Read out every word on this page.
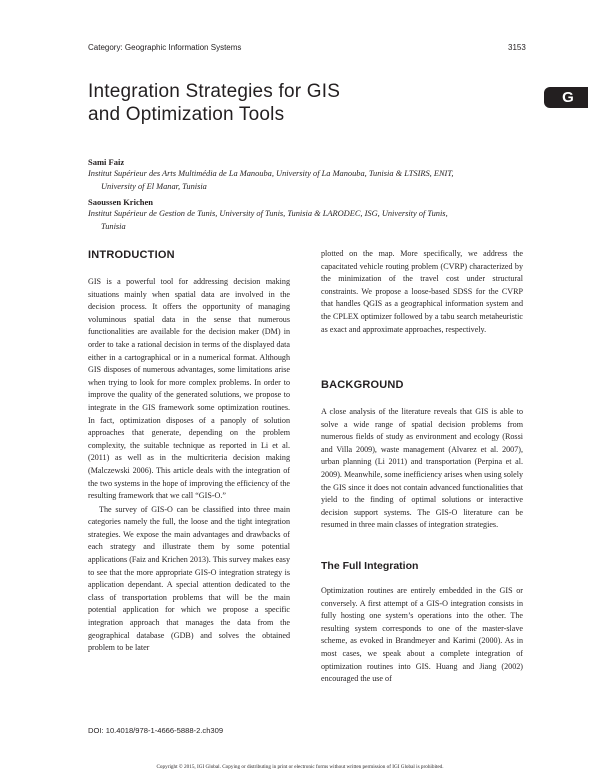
Category: Geographic Information Systems	3153
Integration Strategies for GIS
and Optimization Tools
G
Sami Faiz
Institut Supérieur des Arts Multimédia de La Manouba, University of La Manouba, Tunisia & LTSIRS, ENIT,
University of El Manar, Tunisia
Saoussen Krichen
Institut Supérieur de Gestion de Tunis, University of Tunis, Tunisia & LARODEC, ISG, University of Tunis,
Tunisia
INTRODUCTION

GIS is a powerful tool for addressing decision making situations mainly when spatial data are involved in the decision process. It offers the opportunity of managing voluminous spatial data in the sense that numerous functionalities are available for the decision maker (DM) in order to take a rational decision in terms of the displayed data either in a cartographical or in a numerical format. Although GIS disposes of numerous advantages, some limitations arise when trying to look for more complex problems. In order to improve the quality of the generated solutions, we propose to integrate in the GIS framework some optimization routines. In fact, optimization disposes of a panoply of solution approaches that generate, depending on the problem complexity, the suitable technique as reported in Li et al. (2011) as well as in the multicriteria decision making (Malczewski 2006). This article deals with the integration of the two systems in the hope of improving the efficiency of the resulting framework that we call “GIS-O.”

The survey of GIS-O can be classified into three main categories namely the full, the loose and the tight integration strategies. We expose the main advantages and drawbacks of each strategy and illustrate them by some potential applications (Faiz and Krichen 2013). This survey makes easy to see that the more appropriate GIS-O integration strategy is application dependant. A special attention dedicated to the class of transportation problems that will be the main potential application for which we propose a specific integration approach that manages the data from the geographical database (GDB) and solves the obtained problem to be later

plotted on the map. More specifically, we address the capacitated vehicle routing problem (CVRP) characterized by the minimization of the travel cost under structural constraints. We propose a loose-based SDSS for the CVRP that handles QGIS as a geographical information system and the CPLEX optimizer followed by a tabu search metaheuristic as exact and approximate approaches, respectively.

BACKGROUND

A close analysis of the literature reveals that GIS is able to solve a wide range of spatial decision problems from numerous fields of study as environment and ecology (Rossi and Villa 2009), waste management (Alvarez et al. 2007), urban planning (Li 2011) and transportation (Perpina et al. 2009). Meanwhile, some inefficiency arises when using solely the GIS since it does not contain advanced functionalities that yield to the finding of optimal solutions or interactive decision support systems. The GIS-O literature can be resumed in three main classes of integration strategies.

The Full Integration

Optimization routines are entirely embedded in the GIS or conversely. A first attempt of a GIS-O integration consists in fully hosting one system’s operations into the other. The resulting system corresponds to one of the master-slave scheme, as evoked in Brandmeyer and Karimi (2000). As in most cases, we speak about a complete integration of optimization routines into GIS. Huang and Jiang (2002) encouraged the use of

DOI: 10.4018/978-1-4666-5888-2.ch309
Copyright © 2015, IGI Global. Copying or distributing in print or electronic forms without written permission of IGI Global is prohibited.
